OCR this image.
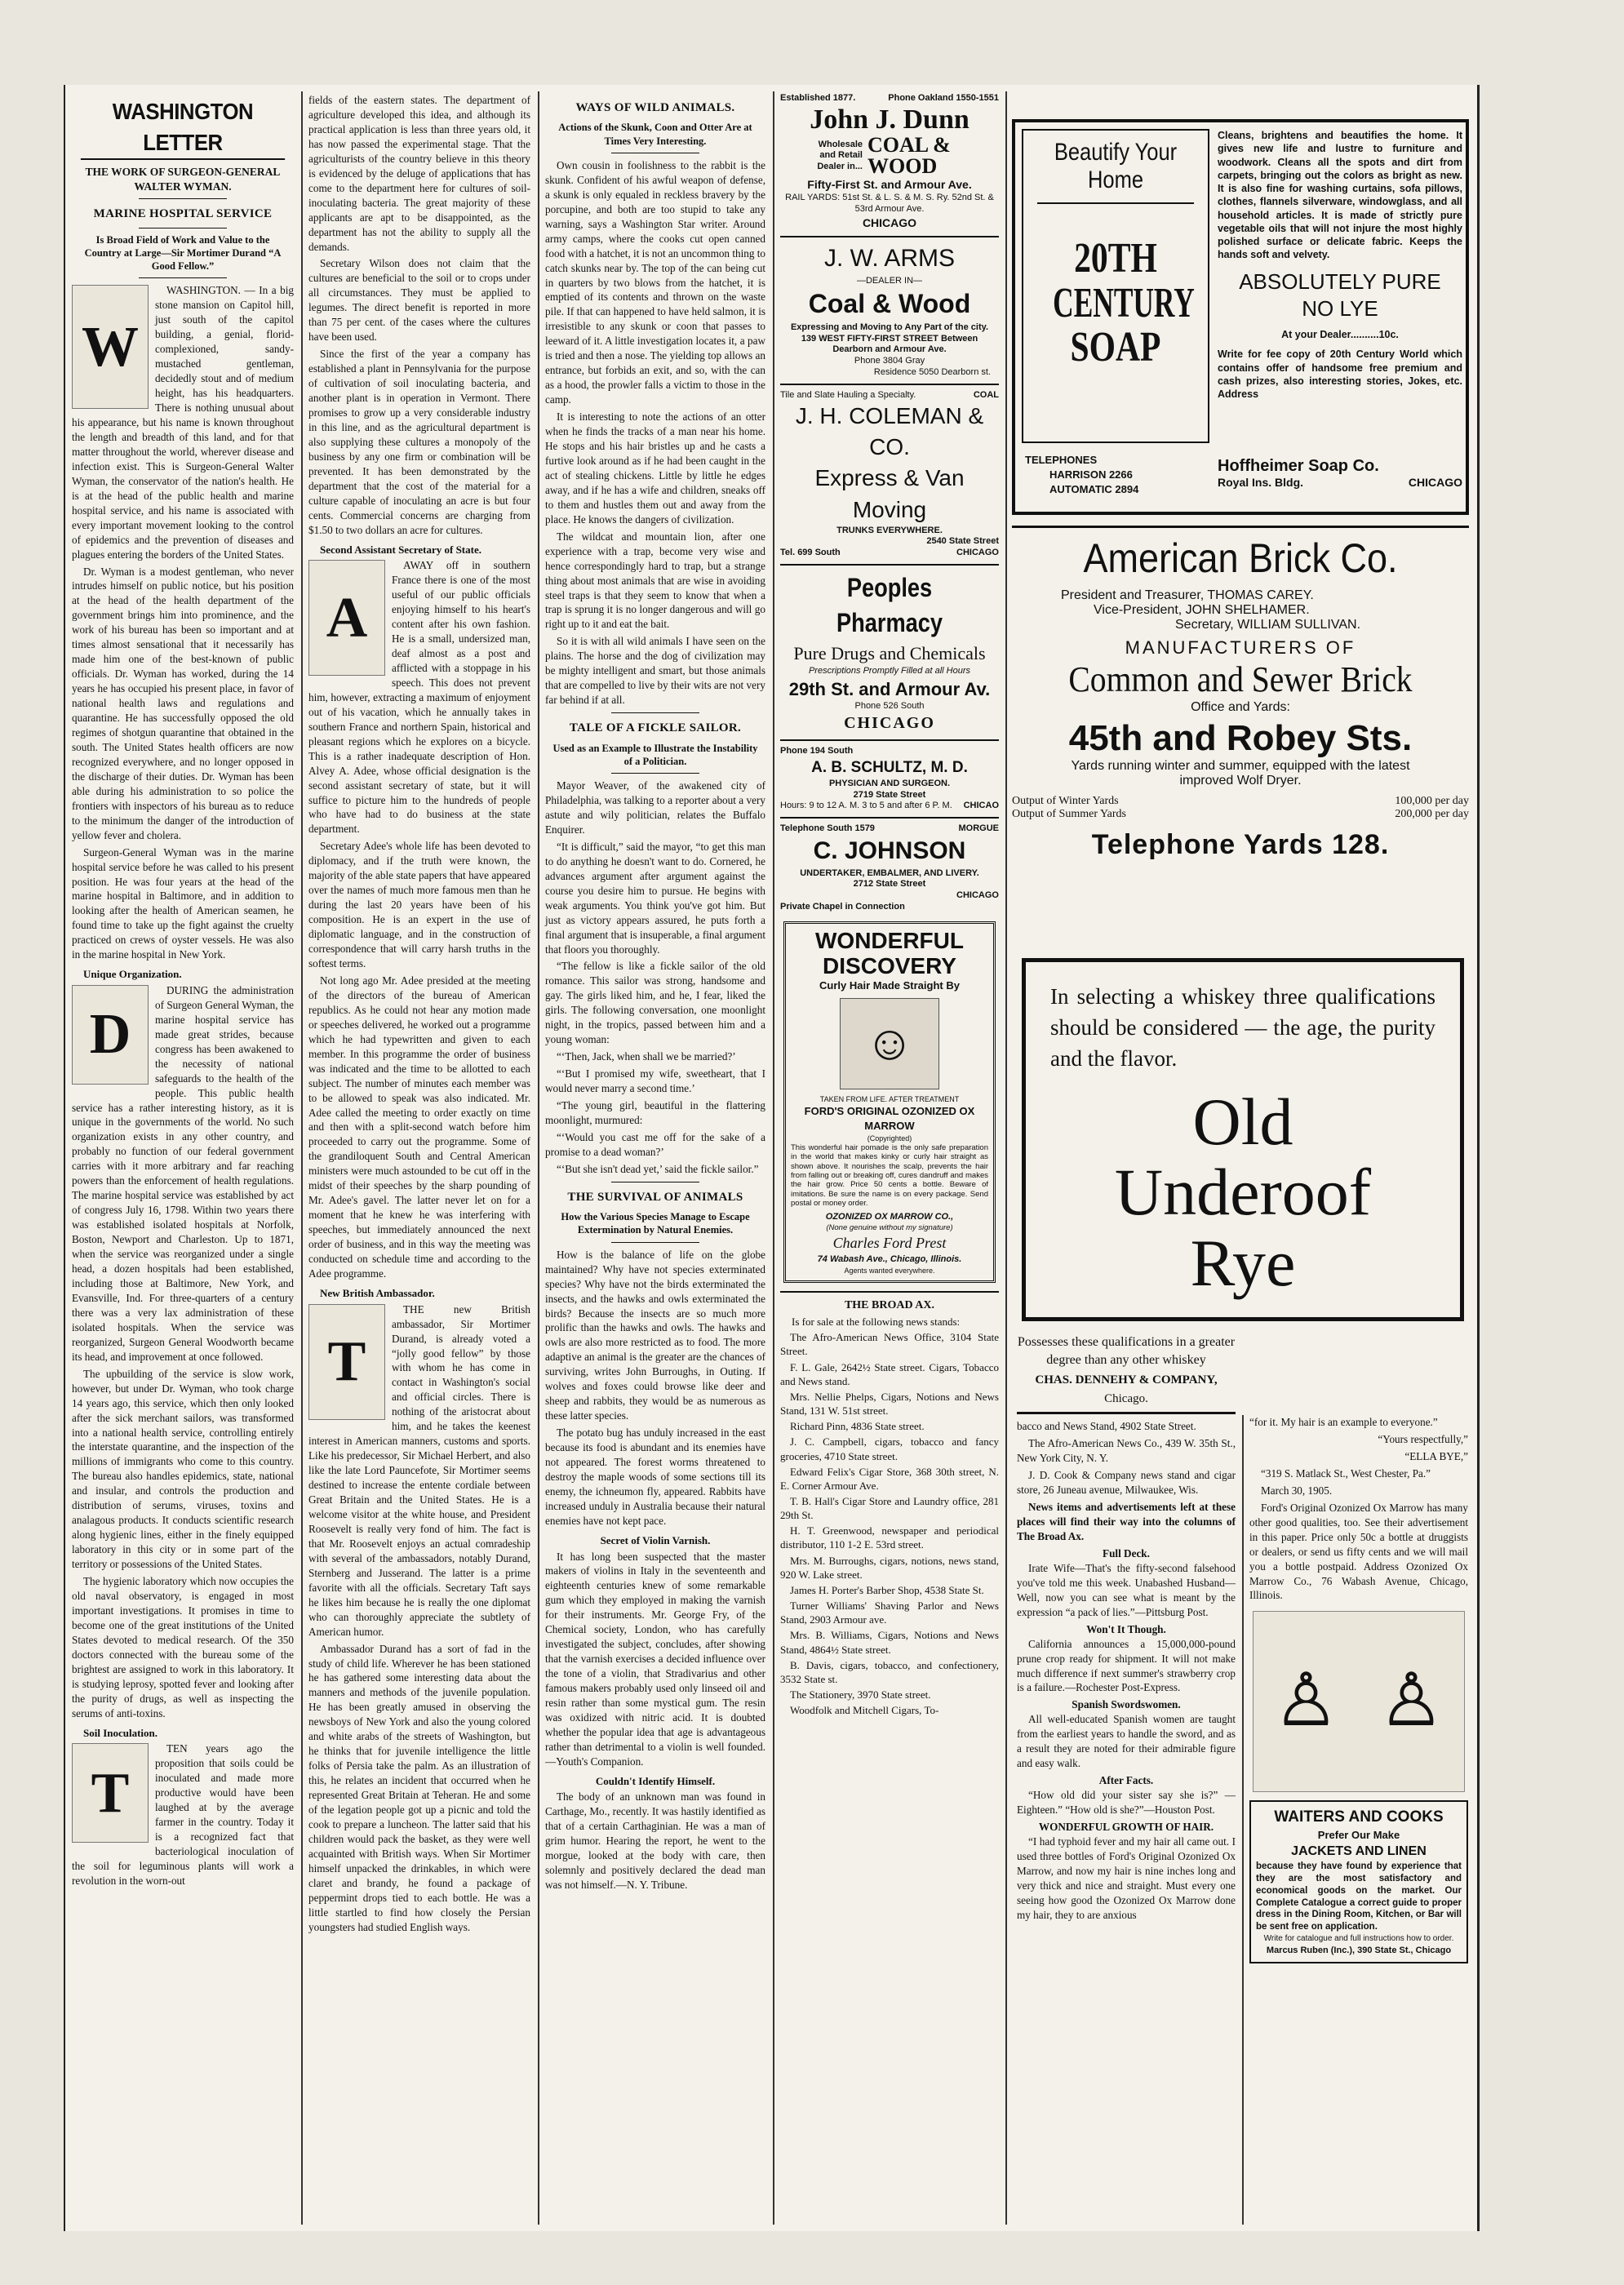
WASHINGTON LETTER
THE WORK OF SURGEON-GENERAL WALTER WYMAN.
MARINE HOSPITAL SERVICE
Is Broad Field of Work and Value to the Country at Large—Sir Mortimer Durand “A Good Fellow.”
W

WASHINGTON. — In a big stone mansion on Capitol hill, just south of the capitol building, a genial, florid-complexioned, sandy-mustached gentleman, decidedly stout and of medium height, has his headquarters. There is nothing unusual about his appearance, but his name is known throughout the length and breadth of this land, and for that matter throughout the world, wherever disease and infection exist. This is Surgeon-General Walter Wyman, the conservator of the nation's health. He is at the head of the public health and marine hospital service, and his name is associated with every important movement looking to the control of epidemics and the prevention of diseases and plagues entering the borders of the United States.

Dr. Wyman is a modest gentleman, who never intrudes himself on public notice, but his position at the head of the health department of the government brings him into prominence, and the work of his bureau has been so important and at times almost sensational that it necessarily has made him one of the best-known of public officials. Dr. Wyman has worked, during the 14 years he has occupied his present place, in favor of national health laws and regulations and quarantine. He has successfully opposed the old regimes of shotgun quarantine that obtained in the south. The United States health officers are now recognized everywhere, and no longer opposed in the discharge of their duties. Dr. Wyman has been able during his administration to so police the frontiers with inspectors of his bureau as to reduce to the minimum the danger of the introduction of yellow fever and cholera.

Surgeon-General Wyman was in the marine hospital service before he was called to his present position. He was four years at the head of the marine hospital in Baltimore, and in addition to looking after the health of American seamen, he found time to take up the fight against the cruelty practiced on crews of oyster vessels. He was also in the marine hospital in New York.

Unique Organization.
D

DURING the administration of Surgeon General Wyman, the marine hospital service has made great strides, because congress has been awakened to the necessity of national safeguards to the health of the people. This public health service has a rather interesting history, as it is unique in the governments of the world. No such organization exists in any other country, and probably no function of our federal government carries with it more arbitrary and far reaching powers than the enforcement of health regulations. The marine hospital service was established by act of congress July 16, 1798. Within two years there was established isolated hospitals at Norfolk, Boston, Newport and Charleston. Up to 1871, when the service was reorganized under a single head, a dozen hospitals had been established, including those at Baltimore, New York, and Evansville, Ind. For three-quarters of a century there was a very lax administration of these isolated hospitals. When the service was reorganized, Surgeon General Woodworth became its head, and improvement at once followed.

The upbuilding of the service is slow work, however, but under Dr. Wyman, who took charge 14 years ago, this service, which then only looked after the sick merchant sailors, was transformed into a national health service, controlling entirely the interstate quarantine, and the inspection of the millions of immigrants who come to this country. The bureau also handles epidemics, state, national and insular, and controls the production and distribution of serums, viruses, toxins and analagous products. It conducts scientific research along hygienic lines, either in the finely equipped laboratory in this city or in some part of the territory or possessions of the United States.

The hygienic laboratory which now occupies the old naval observatory, is engaged in most important investigations. It promises in time to become one of the great institutions of the United States devoted to medical research. Of the 350 doctors connected with the bureau some of the brightest are assigned to work in this laboratory. It is studying leprosy, spotted fever and looking after the purity of drugs, as well as inspecting the serums of anti-toxins.

Soil Inoculation.
T

TEN years ago the proposition that soils could be inoculated and made more productive would have been laughed at by the average farmer in the country. Today it is a recognized fact that bacteriological inoculation of the soil for leguminous plants will work a revolution in the worn-out

fields of the eastern states. The department of agriculture developed this idea, and although its practical application is less than three years old, it has now passed the experimental stage. That the agriculturists of the country believe in this theory is evidenced by the deluge of applications that has come to the department here for cultures of soil-inoculating bacteria. The great majority of these applicants are apt to be disappointed, as the department has not the ability to supply all the demands.

Secretary Wilson does not claim that the cultures are beneficial to the soil or to crops under all circumstances. They must be applied to legumes. The direct benefit is reported in more than 75 per cent. of the cases where the cultures have been used.

Since the first of the year a company has established a plant in Pennsylvania for the purpose of cultivation of soil inoculating bacteria, and another plant is in operation in Vermont. There promises to grow up a very considerable industry in this line, and as the agricultural department is also supplying these cultures a monopoly of the business by any one firm or combination will be prevented. It has been demonstrated by the department that the cost of the material for a culture capable of inoculating an acre is but four cents. Commercial concerns are charging from $1.50 to two dollars an acre for cultures.

Second Assistant Secretary of State.
A

AWAY off in southern France there is one of the most useful of our public officials enjoying himself to his heart's content after his own fashion. He is a small, undersized man, deaf almost as a post and afflicted with a stoppage in his speech. This does not prevent him, however, extracting a maximum of enjoyment out of his vacation, which he annually takes in southern France and northern Spain, historical and pleasant regions which he explores on a bicycle. This is a rather inadequate description of Hon. Alvey A. Adee, whose official designation is the second assistant secretary of state, but it will suffice to picture him to the hundreds of people who have had to do business at the state department.

Secretary Adee's whole life has been devoted to diplomacy, and if the truth were known, the majority of the able state papers that have appeared over the names of much more famous men than he during the last 20 years have been of his composition. He is an expert in the use of diplomatic language, and in the construction of correspondence that will carry harsh truths in the softest terms.

Not long ago Mr. Adee presided at the meeting of the directors of the bureau of American republics. As he could not hear any motion made or speeches delivered, he worked out a programme which he had typewritten and given to each member. In this programme the order of business was indicated and the time to be allotted to each subject. The number of minutes each member was to be allowed to speak was also indicated. Mr. Adee called the meeting to order exactly on time and then with a split-second watch before him proceeded to carry out the programme. Some of the grandiloquent South and Central American ministers were much astounded to be cut off in the midst of their speeches by the sharp pounding of Mr. Adee's gavel. The latter never let on for a moment that he knew he was interfering with speeches, but immediately announced the next order of business, and in this way the meeting was conducted on schedule time and according to the Adee programme.

New British Ambassador.
T

THE new British ambassador, Sir Mortimer Durand, is already voted a “jolly good fellow” by those with whom he has come in contact in Washington's social and official circles. There is nothing of the aristocrat about him, and he takes the keenest interest in American manners, customs and sports. Like his predecessor, Sir Michael Herbert, and also like the late Lord Pauncefote, Sir Mortimer seems destined to increase the entente cordiale between Great Britain and the United States. He is a welcome visitor at the white house, and President Roosevelt is really very fond of him. The fact is that Mr. Roosevelt enjoys an actual comradeship with several of the ambassadors, notably Durand, Sternberg and Jusserand. The latter is a prime favorite with all the officials. Secretary Taft says he likes him because he is really the one diplomat who can thoroughly appreciate the subtlety of American humor.

Ambassador Durand has a sort of fad in the study of child life. Wherever he has been stationed he has gathered some interesting data about the manners and methods of the juvenile population. He has been greatly amused in observing the newsboys of New York and also the young colored and white arabs of the streets of Washington, but he thinks that for juvenile intelligence the little folks of Persia take the palm. As an illustration of this, he relates an incident that occurred when he represented Great Britain at Teheran. He and some of the legation people got up a picnic and told the cook to prepare a luncheon. The latter said that his children would pack the basket, as they were well acquainted with British ways. When Sir Mortimer himself unpacked the drinkables, in which were claret and brandy, he found a package of peppermint drops tied to each bottle. He was a little startled to find how closely the Persian youngsters had studied English ways.

WAYS OF WILD ANIMALS.
Actions of the Skunk, Coon and Otter Are at Times Very Interesting.

Own cousin in foolishness to the rabbit is the skunk. Confident of his awful weapon of defense, a skunk is only equaled in reckless bravery by the porcupine, and both are too stupid to take any warning, says a Washington Star writer. Around army camps, where the cooks cut open canned food with a hatchet, it is not an uncommon thing to catch skunks near by. The top of the can being cut in quarters by two blows from the hatchet, it is emptied of its contents and thrown on the waste pile. If that can happened to have held salmon, it is irresistible to any skunk or coon that passes to leeward of it. A little investigation locates it, a paw is tried and then a nose. The yielding top allows an entrance, but forbids an exit, and so, with the can as a hood, the prowler falls a victim to those in the camp.

It is interesting to note the actions of an otter when he finds the tracks of a man near his home. He stops and his hair bristles up and he casts a furtive look around as if he had been caught in the act of stealing chickens. Little by little he edges away, and if he has a wife and children, sneaks off to them and hustles them out and away from the place. He knows the dangers of civilization.

The wildcat and mountain lion, after one experience with a trap, become very wise and hence correspondingly hard to trap, but a strange thing about most animals that are wise in avoiding steel traps is that they seem to know that when a trap is sprung it is no longer dangerous and will go right up to it and eat the bait.

So it is with all wild animals I have seen on the plains. The horse and the dog of civilization may be mighty intelligent and smart, but those animals that are compelled to live by their wits are not very far behind if at all.

TALE OF A FICKLE SAILOR.
Used as an Example to Illustrate the Instability of a Politician.

Mayor Weaver, of the awakened city of Philadelphia, was talking to a reporter about a very astute and wily politician, relates the Buffalo Enquirer.

“It is difficult,” said the mayor, “to get this man to do anything he doesn't want to do. Cornered, he advances argument after argument against the course you desire him to pursue. He begins with weak arguments. You think you've got him. But just as victory appears assured, he puts forth a final argument that is insuperable, a final argument that floors you thoroughly.

“The fellow is like a fickle sailor of the old romance. This sailor was strong, handsome and gay. The girls liked him, and he, I fear, liked the girls. The following conversation, one moonlight night, in the tropics, passed between him and a young woman:

“‘Then, Jack, when shall we be married?’

“‘But I promised my wife, sweetheart, that I would never marry a second time.’

“The young girl, beautiful in the flattering moonlight, murmured:

“‘Would you cast me off for the sake of a promise to a dead woman?’

“‘But she isn't dead yet,’ said the fickle sailor.”

THE SURVIVAL OF ANIMALS
How the Various Species Manage to Escape Extermination by Natural Enemies.

How is the balance of life on the globe maintained? Why have not species exterminated species? Why have not the birds exterminated the insects, and the hawks and owls exterminated the birds? Because the insects are so much more prolific than the hawks and owls. The hawks and owls are also more restricted as to food. The more adaptive an animal is the greater are the chances of surviving, writes John Burroughs, in Outing. If wolves and foxes could browse like deer and sheep and rabbits, they would be as numerous as these latter species.

The potato bug has unduly increased in the east because its food is abundant and its enemies have not appeared. The forest worms threatened to destroy the maple woods of some sections till its enemy, the ichneumon fly, appeared. Rabbits have increased unduly in Australia because their natural enemies have not kept pace.

Secret of Violin Varnish.

It has long been suspected that the master makers of violins in Italy in the seventeenth and eighteenth centuries knew of some remarkable gum which they employed in making the varnish for their instruments. Mr. George Fry, of the Chemical society, London, who has carefully investigated the subject, concludes, after showing that the varnish exercises a decided influence over the tone of a violin, that Stradivarius and other famous makers probably used only linseed oil and resin rather than some mystical gum. The resin was oxidized with nitric acid. It is doubted whether the popular idea that age is advantageous rather than detrimental to a violin is well founded.—Youth's Companion.

Couldn't Identify Himself.

The body of an unknown man was found in Carthage, Mo., recently. It was hastily identified as that of a certain Carthaginian. He was a man of grim humor. Hearing the report, he went to the morgue, looked at the body with care, then solemnly and positively declared the dead man was not himself.—N. Y. Tribune.

Established 1877.	Phone Oakland 1550-1551
John J. Dunn
Wholesale and Retail Dealer in...
COAL & WOOD
Fifty-First St. and Armour Ave.
RAIL YARDS: 51st St. & L. S. & M. S. Ry. 52nd St. & 53rd Armour Ave.
CHICAGO
J. W. ARMS
—DEALER IN—
Coal & Wood
Expressing and Moving to Any Part of the city.
139 WEST FIFTY-FIRST STREET Between Dearborn and Armour Ave.
Phone 3804 Gray
Residence 5050 Dearborn st.
Tile and Slate Hauling a Specialty.	COAL
J. H. COLEMAN & CO.
Express & Van Moving
TRUNKS EVERYWHERE.
Tel. 699 South
2540 State Street
CHICAGO
Peoples Pharmacy
Pure Drugs and Chemicals
Prescriptions Promptly Filled at all Hours
29th St. and Armour Av.
Phone 526 South
CHICAGO
Phone 194 South
A. B. SCHULTZ, M. D.
PHYSICIAN AND SURGEON.
2719 State Street
Hours: 9 to 12 A. M. 3 to 5 and after 6 P. M. CHICAO
Telephone South 1579	MORGUE
C. JOHNSON
UNDERTAKER, EMBALMER, AND LIVERY.
2712 State Street
CHICAGO
Private Chapel in Connection
WONDERFUL
DISCOVERY
Curly Hair Made Straight By
☺
TAKEN FROM LIFE. AFTER TREATMENT
FORD'S ORIGINAL OZONIZED OX MARROW
(Copyrighted)
This wonderful hair pomade is the only safe preparation in the world that makes kinky or curly hair straight as shown above. It nourishes the scalp, prevents the hair from falling out or breaking off, cures dandruff and makes the hair grow. Price 50 cents a bottle. Beware of imitations. Be sure the name is on every package. Send postal or money order.
OZONIZED OX MARROW CO.,
(None genuine without my signature)
Charles Ford Prest
74 Wabash Ave., Chicago, Illinois.
Agents wanted everywhere.
THE BROAD AX.

Is for sale at the following news stands:

The Afro-American News Office, 3104 State Street.

F. L. Gale, 2642½ State street. Cigars, Tobacco and News stand.

Mrs. Nellie Phelps, Cigars, Notions and News Stand, 131 W. 51st street.

Richard Pinn, 4836 State street.

J. C. Campbell, cigars, tobacco and fancy groceries, 4710 State street.

Edward Felix's Cigar Store, 368 30th street, N. E. Corner Armour Ave.

T. B. Hall's Cigar Store and Laundry office, 281 29th St.

H. T. Greenwood, newspaper and periodical distributor, 110 1-2 E. 53rd street.

Mrs. M. Burroughs, cigars, notions, news stand, 920 W. Lake street.

James H. Porter's Barber Shop, 4538 State St.

Turner Williams' Shaving Parlor and News Stand, 2903 Armour ave.

Mrs. B. Williams, Cigars, Notions and News Stand, 4864½ State street.

B. Davis, cigars, tobacco, and confectionery, 3532 State st.

The Stationery, 3970 State street.

Woodfolk and Mitchell Cigars, To-

Beautify Your Home
20TH
CENTURY
SOAP
Cleans, brightens and beautifies the home. It gives new life and lustre to furniture and woodwork. Cleans all the spots and dirt from carpets, bringing out the colors as bright as new. It is also fine for washing curtains, sofa pillows, clothes, flannels silverware, windowglass, and all household articles. It is made of strictly pure vegetable oils that will not injure the most highly polished surface or delicate fabric. Keeps the hands soft and velvety.
ABSOLUTELY PURE
NO LYE
At your Dealer..........10c.
Write for fee copy of 20th Century World which contains offer of handsome free premium and cash prizes, also interesting stories, Jokes, etc. Address
TELEPHONES
HARRISON 2266
AUTOMATIC 2894
Hoffheimer Soap Co.
Royal Ins. Bldg.	CHICAGO
American Brick Co.
President and Treasurer, THOMAS CAREY.
Vice-President, JOHN SHELHAMER.
Secretary, WILLIAM SULLIVAN.
MANUFACTURERS OF
Common and Sewer Brick
Office and Yards:
45th and Robey Sts.
Yards running winter and summer, equipped with the latest improved Wolf Dryer.
Output of Winter Yards	100,000 per day
Output of Summer Yards	200,000 per day
Telephone Yards 128.
In selecting a whiskey three qualifications should be considered — the age, the purity and the flavor.
Old
Underoof
Rye

Possesses these qualifications in a greater degree than any other whiskey

CHAS. DENNEHY & COMPANY,

Chicago.

bacco and News Stand, 4902 State Street.

The Afro-American News Co., 439 W. 35th St., New York City, N. Y.

J. D. Cook & Company news stand and cigar store, 26 Juneau avenue, Milwaukee, Wis.

News items and advertisements left at these places will find their way into the columns of The Broad Ax.

Full Deck.

Irate Wife—That's the fifty-second falsehood you've told me this week. Unabashed Husband—Well, now you can see what is meant by the expression “a pack of lies.”—Pittsburg Post.

Won't It Though.

California announces a 15,000,000-pound prune crop ready for shipment. It will not make much difference if next summer's strawberry crop is a failure.—Rochester Post-Express.

Spanish Swordswomen.

All well-educated Spanish women are taught from the earliest years to handle the sword, and as a result they are noted for their admirable figure and easy walk.

After Facts.

“How old did your sister say she is?” —Eighteen.” “How old is she?”—Houston Post.

WONDERFUL GROWTH OF HAIR.

“I had typhoid fever and my hair all came out. I used three bottles of Ford's Original Ozonized Ox Marrow, and now my hair is nine inches long and very thick and nice and straight. Must every one seeing how good the Ozonized Ox Marrow done my hair, they to are anxious

“for it. My hair is an example to everyone.”

“Yours respectfully,”

“ELLA BYE,”

“319 S. Matlack St., West Chester, Pa.”

March 30, 1905.

Ford's Original Ozonized Ox Marrow has many other good qualities, too. See their advertisement in this paper. Price only 50c a bottle at druggists or dealers, or send us fifty cents and we will mail you a bottle postpaid. Address Ozonized Ox Marrow Co., 76 Wabash Avenue, Chicago, Illinois.

♙ ♙
WAITERS AND COOKS
Prefer Our Make
JACKETS AND LINEN
because they have found by experience that they are the most satisfactory and economical goods on the market. Our Complete Catalogue a correct guide to proper dress in the Dining Room, Kitchen, or Bar will be sent free on application.
Write for catalogue and full instructions how to order.
Marcus Ruben (Inc.), 390 State St., Chicago
